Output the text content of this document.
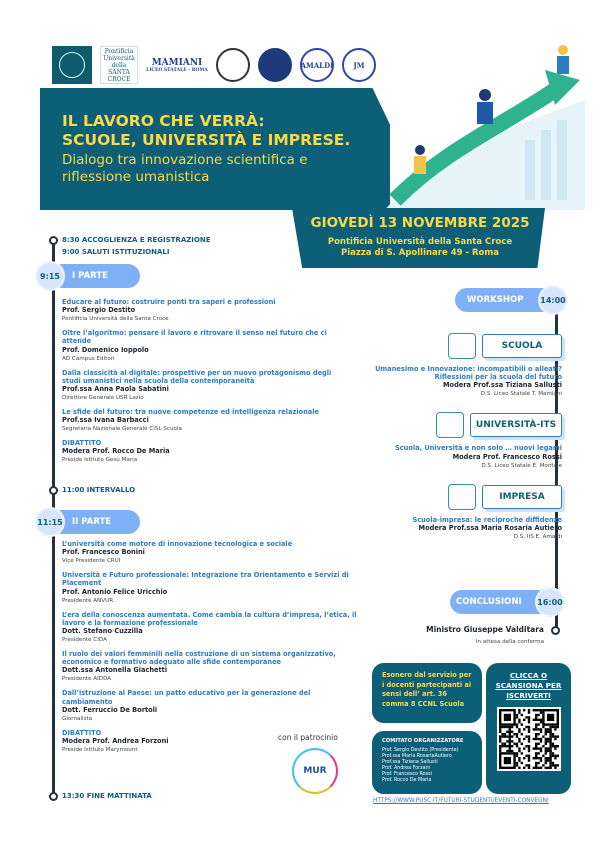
Pontificia
Università
della
SANTA
CROCE
MAMIANI
LICEO STATALE - ROMA
AMALDI	JM
IL LAVORO CHE VERRÀ:
SCUOLE, UNIVERSITÀ E IMPRESE.
Dialogo tra innovazione scientifica e
riflessione umanistica
GIOVEDÌ 13 NOVEMBRE 2025
Pontificia Università della Santa Croce
Piazza di S. Apollinare 49 - Roma
8:30 ACCOGLIENZA E REGISTRAZIONE
9:00 SALUTI ISTITUZIONALI
I PARTE
9:15
Educare al futuro: costruire ponti tra saperi e professioni
Prof. Sergio Destito
Pontificia Università della Santa Croce
Oltre l’algoritmo: pensare il lavoro e ritrovare il senso nel futuro che ci attende
Prof. Domenico Ioppolo
AD Campus Editori
Dalla classicità al digitale: prospettive per un nuovo protagonismo degli studi umanistici nella scuola della contemporaneità
Prof.ssa Anna Paola Sabatini
Direttore Generale USR Lazio
Le sfide del futuro: tra nuove competenze ed intelligenza relazionale
Prof.ssa Ivana Barbacci
Segretaria Nazionale Generale CISL Scuola
DIBATTITO
Modera Prof. Rocco De Maria
Preside Istituto Gesù Maria
11:00 INTERVALLO
II PARTE
11:15
L’università come motore di innovazione tecnologica e sociale
Prof. Francesco Bonini
Vice Presidente CRUI
Università e Futuro professionale: Integrazione tra Orientamento e Servizi di Placement
Prof. Antonio Felice Uricchio
Presidente ANVUR
L’era della conoscenza aumentata. Come cambia la cultura d’impresa, l’etica, il lavoro e la formazione professionale
Dott. Stefano Cuzzilla
Presidente CIDA
Il ruolo dei valori femminili nella costruzione di un sistema organizzativo, economico e formativo adeguato alle sfide contemporanee
Dott.ssa Antonella Giachetti
Presidente AIDDA
Dall’istruzione al Paese: un patto educativo per la generazione del cambiamento
Dott. Ferruccio De Bortoli
Giornalista
DIBATTITO
Modera Prof. Andrea Forzoni
Preside Istituto Marymount
13:30 FINE MATTINATA
WORKSHOP 14:00
SCUOLA
Umanesimo e Innovazione: incompatibili o alleati? Riflessioni per la scuola del futuro
Modera Prof.ssa Tiziana Sallusti
D.S. Liceo Statale T. Mamiani
UNIVERSITÀ-ITS
Scuola, Università e non solo … nuovi legami
Modera Prof. Francesco Rossi
D.S. Liceo Statale E. Montale
IMPRESA
Scuola-impresa: le reciproche diffidenze
Modera Prof.ssa Maria Rosaria Autiero
D.S. IIS E. Amaldi
CONCLUSIONI 16:00
Ministro Giuseppe Valditara
In attesa della conferma
con il patrocinio
MUR
Esonero dal servizio per i docenti partecipanti ai sensi dell’ art. 36 comma 8 CCNL Scuola
COMITATO ORGANIZZATORE
Prof. Sergio Destito (Presidente)
Prof.ssa Maria RosariaAutiero
Prof.ssa Tiziana Sallusti
Prof. Andrea Forzani
Prof. Francesco Rossi
Prof. Rocco De Maria
CLICCA O SCANSIONA PER ISCRIVERTI
HTTPS://WWW.PUSC.IT/FUTURI-STUDENTI/EVENTI-CONVEGNI
